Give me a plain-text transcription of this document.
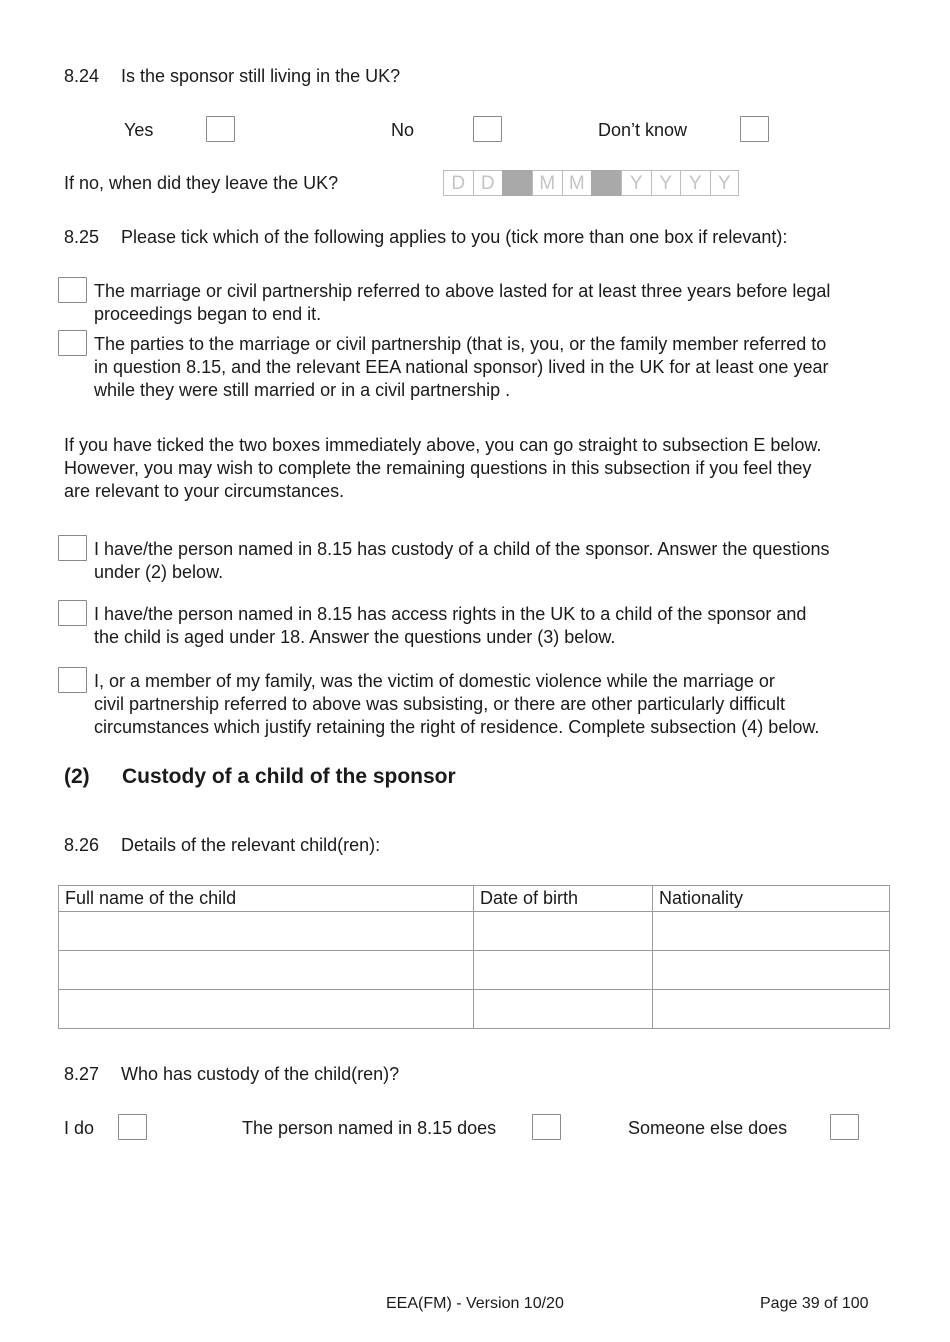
8.24 Is the sponsor still living in the UK?
Yes	No	Don’t know
If no, when did they leave the UK?	D D	M M	Y Y Y Y
8.25 Please tick which of the following applies to you (tick more than one box if relevant):
The marriage or civil partnership referred to above lasted for at least three years before legal
proceedings began to end it.
The parties to the marriage or civil partnership (that is, you, or the family member referred to
in question 8.15, and the relevant EEA national sponsor) lived in the UK for at least one year
while they were still married or in a civil partnership .
If you have ticked the two boxes immediately above, you can go straight to subsection E below.
However, you may wish to complete the remaining questions in this subsection if you feel they
are relevant to your circumstances.
I have/the person named in 8.15 has custody of a child of the sponsor. Answer the questions
under (2) below.
I have/the person named in 8.15 has access rights in the UK to a child of the sponsor and
the child is aged under 18. Answer the questions under (3) below.
I, or a member of my family, was the victim of domestic violence while the marriage or
civil partnership referred to above was subsisting, or there are other particularly difficult
circumstances which justify retaining the right of residence. Complete subsection (4) below.
(2) Custody of a child of the sponsor
8.26 Details of the relevant child(ren):
Full name of the child	Date of birth	Nationality

8.27 Who has custody of the child(ren)?
I do	The person named in 8.15 does	Someone else does
EEA(FM) - Version 10/20	Page 39 of 100
